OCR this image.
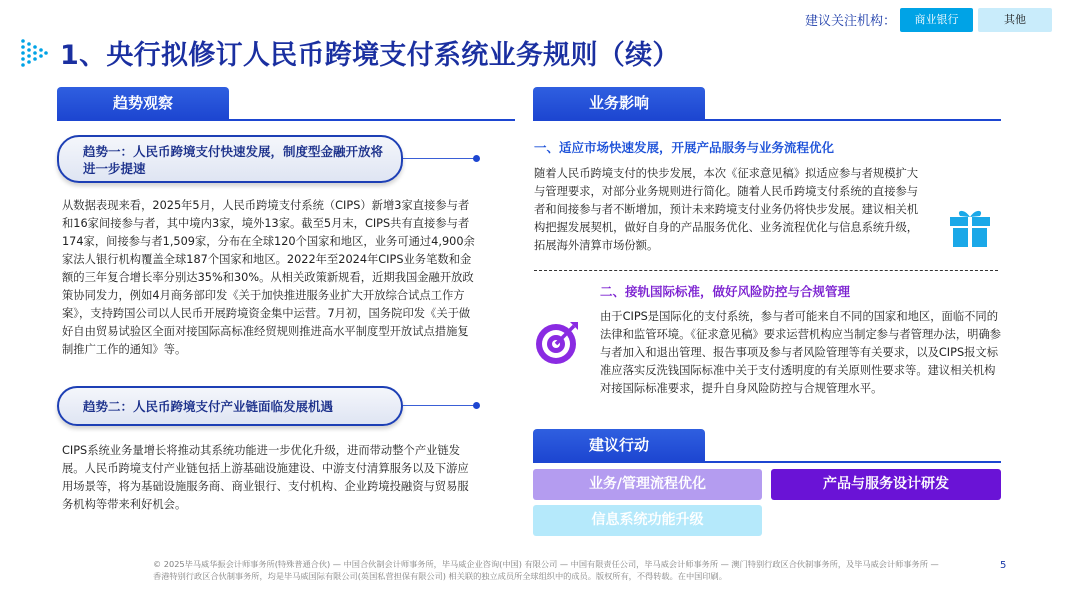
建议关注机构：	商业银行	其他
1、央行拟修订人民币跨境支付系统业务规则（续）
趋势观察
趋势一：人民币跨境支付快速发展，制度型金融开放将进一步提速
从数据表现来看，2025年5月，人民币跨境支付系统（CIPS）新增3家直接参与者和16家间接参与者，其中境内3家，境外13家。截至5月末，CIPS共有直接参与者174家，间接参与者1,509家，分布在全球120个国家和地区，业务可通过4,900余家法人银行机构覆盖全球187个国家和地区。2022年至2024年CIPS业务笔数和金额的三年复合增长率分别达35%和30%。从相关政策新规看，近期我国金融开放政策协同发力，例如4月商务部印发《关于加快推进服务业扩大开放综合试点工作方案》，支持跨国公司以人民币开展跨境资金集中运营。7月初，国务院印发《关于做好自由贸易试验区全面对接国际高标准经贸规则推进高水平制度型开放试点措施复制推广工作的通知》等。
趋势二：人民币跨境支付产业链面临发展机遇
CIPS系统业务量增长将推动其系统功能进一步优化升级，进而带动整个产业链发展。人民币跨境支付产业链包括上游基础设施建设、中游支付清算服务以及下游应用场景等，将为基础设施服务商、商业银行、支付机构、企业跨境投融资与贸易服务机构等带来利好机会。
业务影响
一、适应市场快速发展，开展产品服务与业务流程优化
随着人民币跨境支付的快步发展，本次《征求意见稿》拟适应参与者规模扩大与管理要求，对部分业务规则进行简化。随着人民币跨境支付系统的直接参与者和间接参与者不断增加，预计未来跨境支付业务仍将快步发展。建议相关机构把握发展契机，做好自身的产品服务优化、业务流程优化与信息系统升级，拓展海外清算市场份额。
二、接轨国际标准，做好风险防控与合规管理
由于CIPS是国际化的支付系统，参与者可能来自不同的国家和地区，面临不同的法律和监管环境。《征求意见稿》要求运营机构应当制定参与者管理办法，明确参与者加入和退出管理、报告事项及参与者风险管理等有关要求，以及CIPS报文标准应落实反洗钱国际标准中关于支付透明度的有关原则性要求等。建议相关机构对接国际标准要求，提升自身风险防控与合规管理水平。
建议行动
业务/管理流程优化	产品与服务设计研发
信息系统功能升级
© 2025毕马威华振会计师事务所(特殊普通合伙) — 中国合伙制会计师事务所，毕马威企业咨询(中国) 有限公司 — 中国有限责任公司，毕马威会计师事务所 — 澳门特别行政区合伙制事务所，及毕马威会计师事务所 — 香港特别行政区合伙制事务所，均是毕马威国际有限公司(英国私营担保有限公司) 相关联的独立成员所全球组织中的成员。版权所有，不得转载。在中国印刷。
5
